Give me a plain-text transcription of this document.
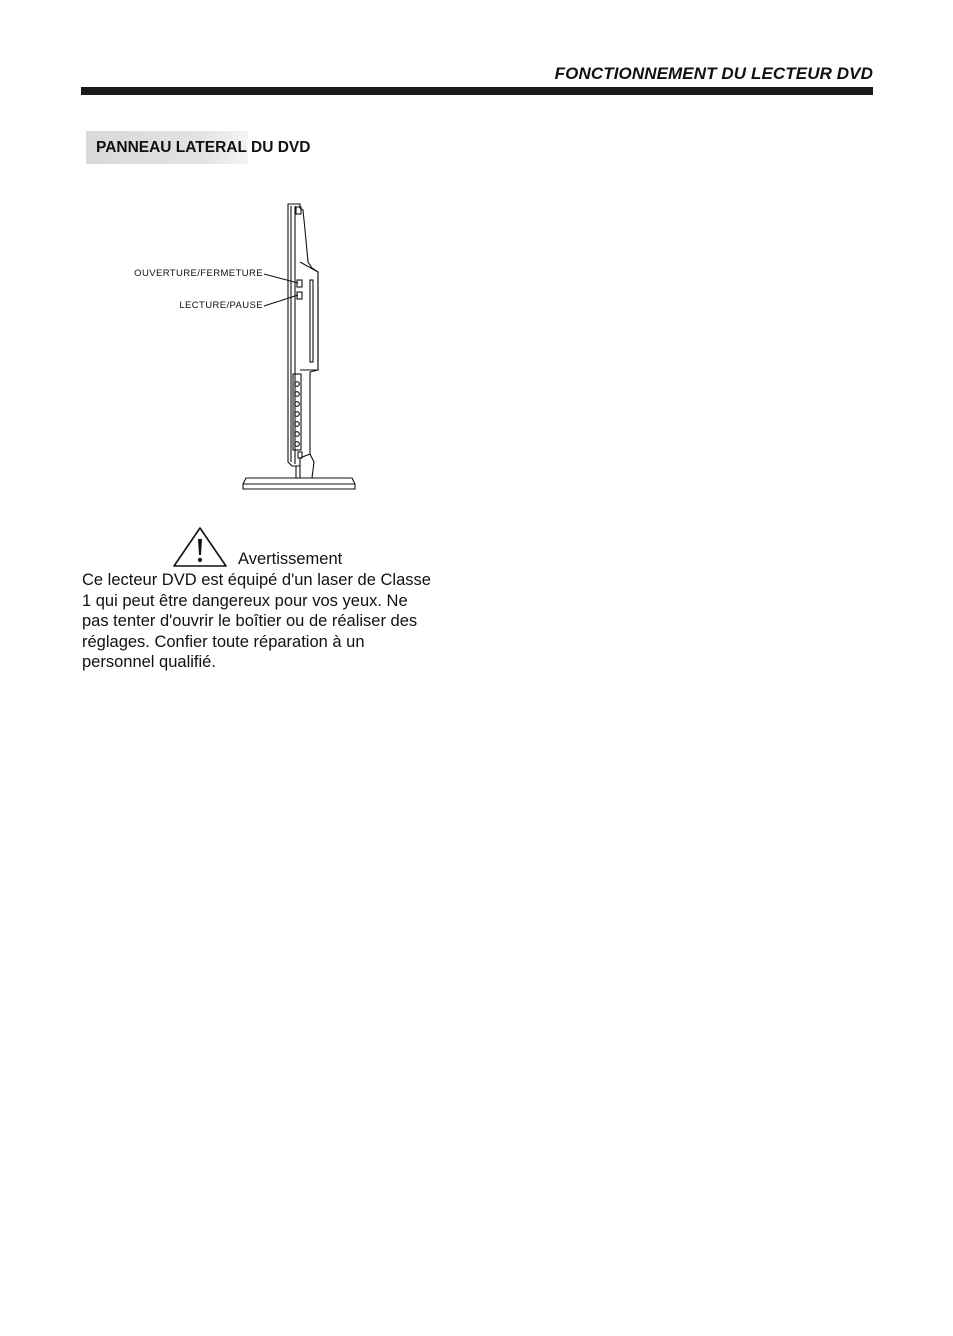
FONCTIONNEMENT DU LECTEUR DVD
PANNEAU LATERAL DU DVD
OUVERTURE/FERMETURE
LECTURE/PAUSE
Avertissement
Ce lecteur DVD est équipé d'un laser de Classe
1 qui peut être dangereux pour vos yeux. Ne
pas tenter d'ouvrir le boîtier ou de réaliser des
réglages. Confier toute réparation à un
personnel qualifié.
